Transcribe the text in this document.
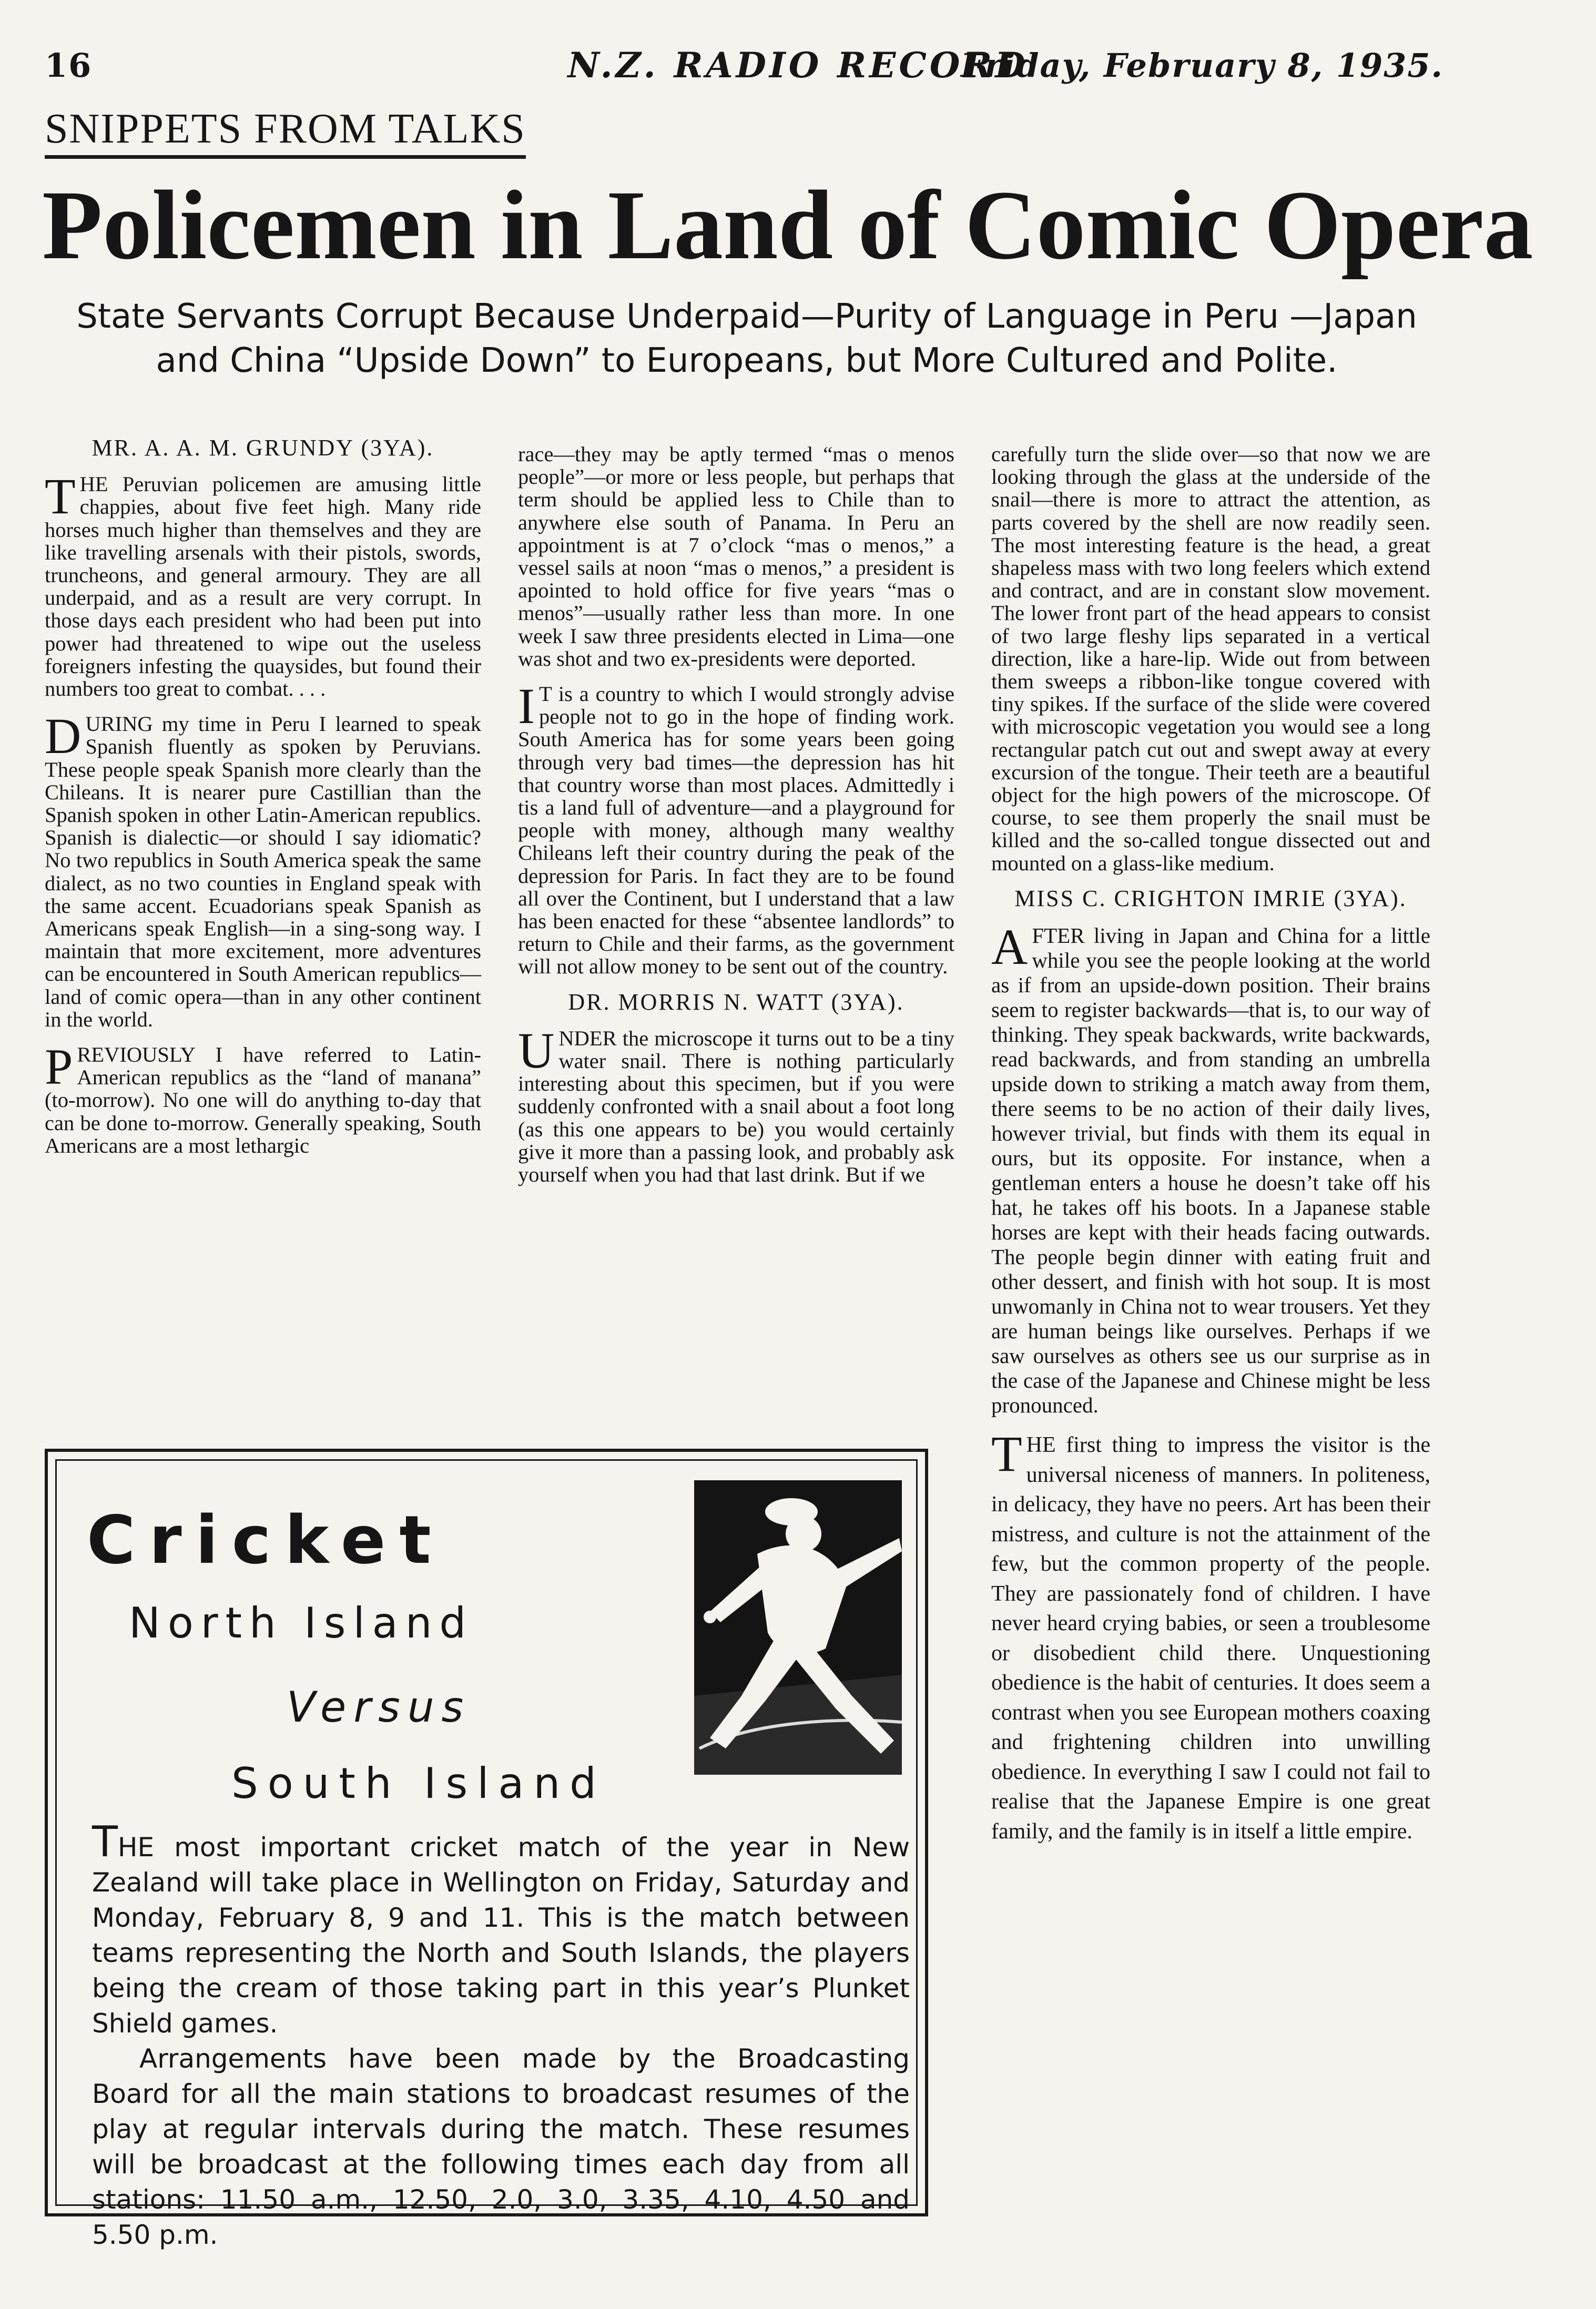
16	N.Z. RADIO RECORD
Friday, February 8, 1935.
SNIPPETS FROM TALKS
Policemen in Land of Comic Opera
State Servants Corrupt Because Underpaid—Purity of Language in Peru —Japan and China “Upside Down” to Europeans, but More Cultured and Polite.

MR. A. A. M. GRUNDY (3YA).

THE Peruvian policemen are amusing little chappies, about five feet high. Many ride horses much higher than themselves and they are like travelling arsenals with their pistols, swords, truncheons, and general armoury. They are all underpaid, and as a result are very corrupt. In those days each president who had been put into power had threatened to wipe out the useless foreigners infesting the quaysides, but found their numbers too great to combat. . . .

DURING my time in Peru I learned to speak Spanish fluently as spoken by Peruvians. These people speak Spanish more clearly than the Chileans. It is nearer pure Castillian than the Spanish spoken in other Latin-American republics. Spanish is dialectic—or should I say idiomatic? No two republics in South America speak the same dialect, as no two counties in England speak with the same accent. Ecuadorians speak Spanish as Americans speak English—in a sing-song way. I maintain that more excitement, more adventures can be encountered in South American republics—land of comic opera—than in any other continent in the world.

PREVIOUSLY I have referred to Latin-American republics as the “land of manana” (to-morrow). No one will do anything to-day that can be done to-morrow. Generally speaking, South Americans are a most lethargic

race—they may be aptly termed “mas o menos people”—or more or less people, but perhaps that term should be applied less to Chile than to anywhere else south of Panama. In Peru an appointment is at 7 o’clock “mas o menos,” a vessel sails at noon “mas o menos,” a president is apointed to hold office for five years “mas o menos”—usually rather less than more. In one week I saw three presidents elected in Lima—one was shot and two ex-presidents were deported.

I T is a country to which I would strongly advise people not to go in the hope of finding work. South America has for some years been going through very bad times—the depression has hit that country worse than most places. Admittedly i tis a land full of adventure—and a playground for people with money, although many wealthy Chileans left their country during the peak of the depression for Paris. In fact they are to be found all over the Continent, but I understand that a law has been enacted for these “absentee landlords” to return to Chile and their farms, as the government will not allow money to be sent out of the country.

DR. MORRIS N. WATT (3YA).

UNDER the microscope it turns out to be a tiny water snail. There is nothing particularly interesting about this specimen, but if you were suddenly confronted with a snail about a foot long (as this one appears to be) you would certainly give it more than a passing look, and probably ask yourself when you had that last drink. But if we

carefully turn the slide over—so that now we are looking through the glass at the underside of the snail—there is more to attract the attention, as parts covered by the shell are now readily seen. The most interesting feature is the head, a great shapeless mass with two long feelers which extend and contract, and are in constant slow movement. The lower front part of the head appears to consist of two large fleshy lips separated in a vertical direction, like a hare-lip. Wide out from between them sweeps a ribbon-like tongue covered with tiny spikes. If the surface of the slide were covered with microscopic vegetation you would see a long rectangular patch cut out and swept away at every excursion of the tongue. Their teeth are a beautiful object for the high powers of the microscope. Of course, to see them properly the snail must be killed and the so-called tongue dissected out and mounted on a glass-like medium.

MISS C. CRIGHTON IMRIE (3YA).

AFTER living in Japan and China for a little while you see the people looking at the world as if from an upside-down position. Their brains seem to register backwards—that is, to our way of thinking. They speak backwards, write backwards, read backwards, and from standing an umbrella upside down to striking a match away from them, there seems to be no action of their daily lives, however trivial, but finds with them its equal in ours, but its opposite. For instance, when a gentleman enters a house he doesn’t take off his hat, he takes off his boots. In a Japanese stable horses are kept with their heads facing outwards. The people begin dinner with eating fruit and other dessert, and finish with hot soup. It is most unwomanly in China not to wear trousers. Yet they are human beings like ourselves. Perhaps if we saw ourselves as others see us our surprise as in the case of the Japanese and Chinese might be less pronounced.

THE first thing to impress the visitor is the universal niceness of manners. In politeness, in delicacy, they have no peers. Art has been their mistress, and culture is not the attainment of the few, but the common property of the people. They are passionately fond of children. I have never heard crying babies, or seen a troublesome or disobedient child there. Unquestioning obedience is the habit of centuries. It does seem a contrast when you see European mothers coaxing and frightening children into unwilling obedience. In everything I saw I could not fail to realise that the Japanese Empire is one great family, and the family is in itself a little empire.

Cricket
North Island
Versus
South Island

THE most important cricket match of the year in New Zealand will take place in Wellington on Friday, Saturday and Monday, February 8, 9 and 11. This is the match between teams representing the North and South Islands, the players being the cream of those taking part in this year’s Plunket Shield games.

Arrangements have been made by the Broadcasting Board for all the main stations to broadcast resumes of the play at regular intervals during the match. These resumes will be broadcast at the following times each day from all stations: 11.50 a.m., 12.50, 2.0, 3.0, 3.35, 4.10, 4.50 and 5.50 p.m.
